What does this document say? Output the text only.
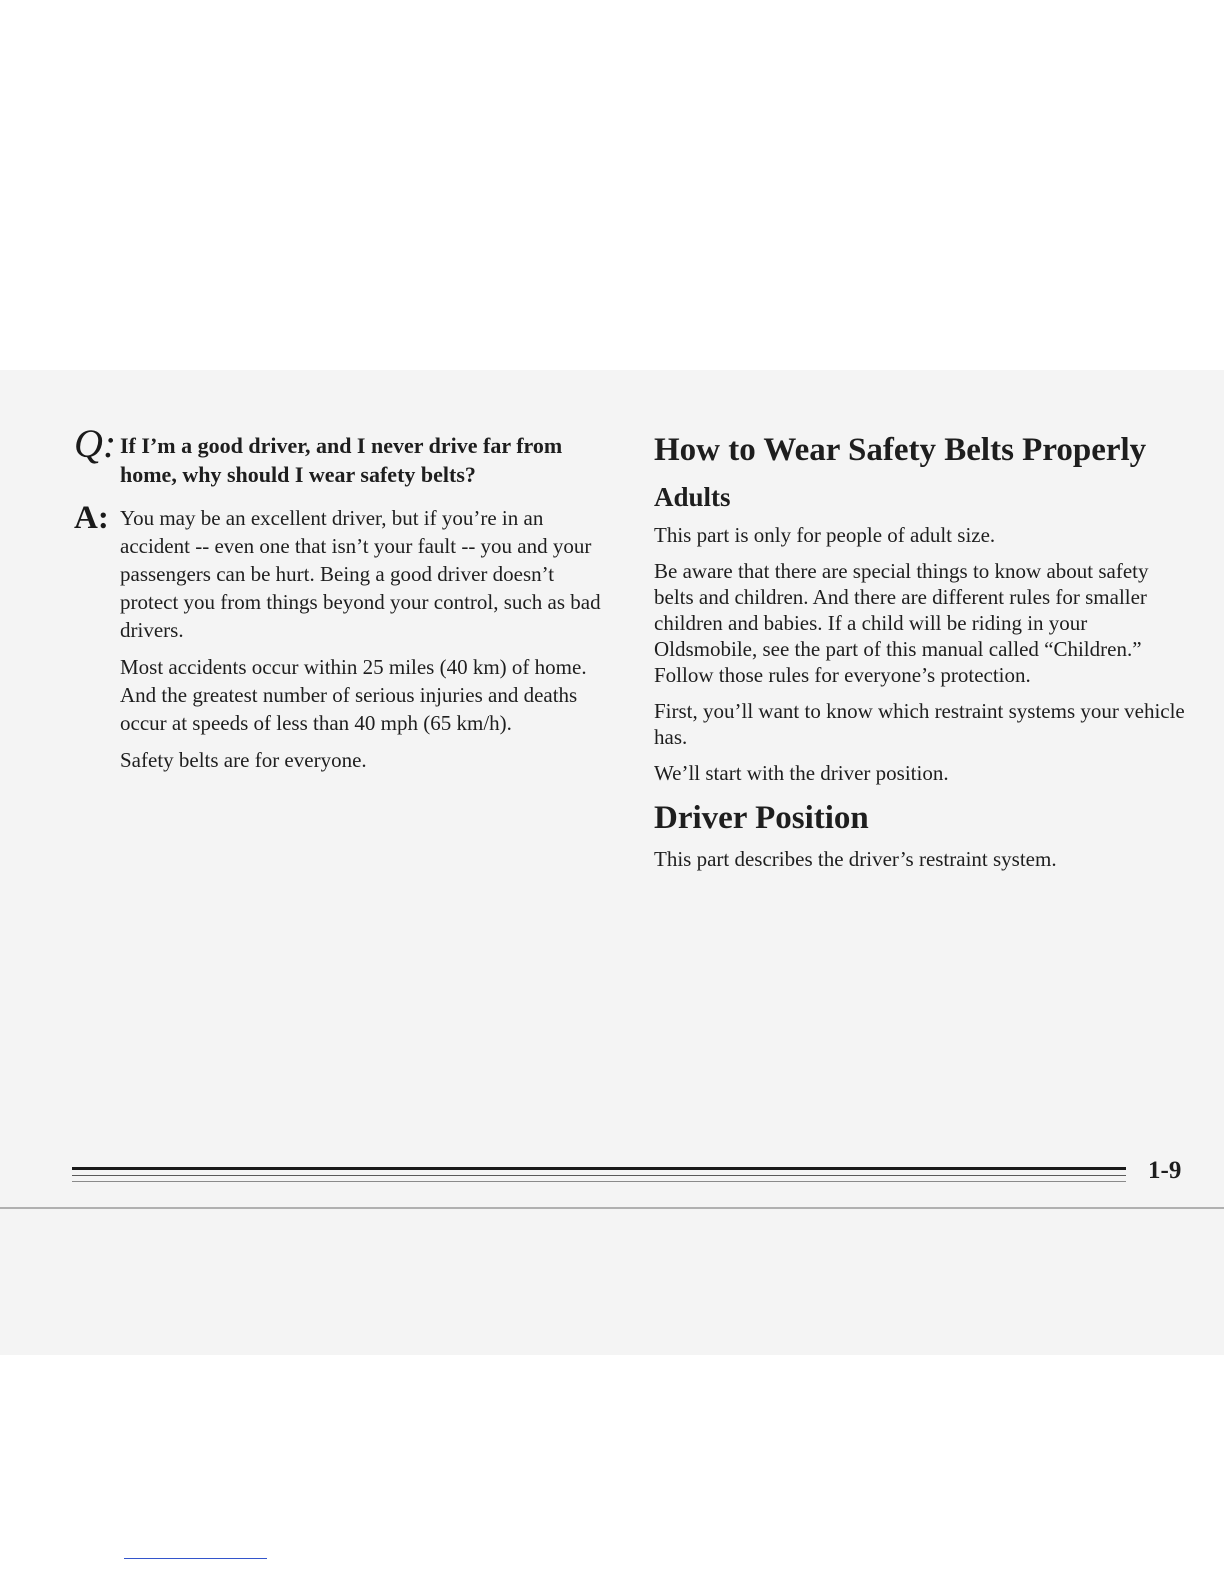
Q: If I’m a good driver, and I never drive far from home, why should I wear safety belts?

A: You may be an excellent driver, but if you’re in an accident -- even one that isn’t your fault -- you and your passengers can be hurt. Being a good driver doesn’t protect you from things beyond your control, such as bad drivers.

Most accidents occur within 25 miles (40 km) of home. And the greatest number of serious injuries and deaths occur at speeds of less than 40 mph (65 km/h).

Safety belts are for everyone.

How to Wear Safety Belts Properly
Adults

This part is only for people of adult size.

Be aware that there are special things to know about safety belts and children. And there are different rules for smaller children and babies. If a child will be riding in your Oldsmobile, see the part of this manual called “Children.” Follow those rules for everyone’s protection.

First, you’ll want to know which restraint systems your vehicle has.

We’ll start with the driver position.

Driver Position

This part describes the driver’s restraint system.

1-9
